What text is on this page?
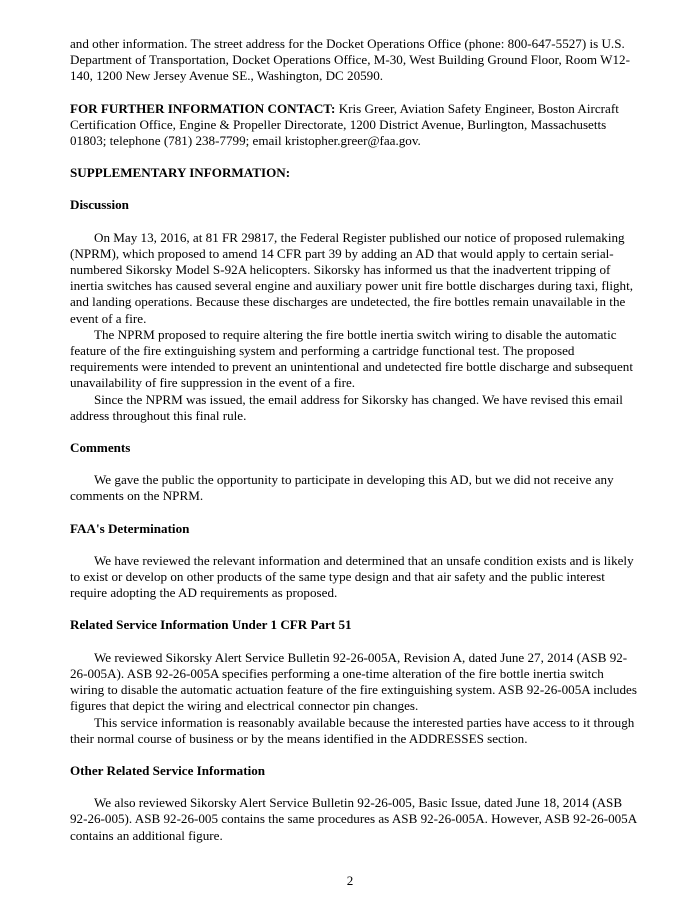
and other information. The street address for the Docket Operations Office (phone: 800-647-5527) is U.S. Department of Transportation, Docket Operations Office, M-30, West Building Ground Floor, Room W12-140, 1200 New Jersey Avenue SE., Washington, DC 20590.

FOR FURTHER INFORMATION CONTACT: Kris Greer, Aviation Safety Engineer, Boston Aircraft Certification Office, Engine & Propeller Directorate, 1200 District Avenue, Burlington, Massachusetts 01803; telephone (781) 238-7799; email kristopher.greer@faa.gov.

SUPPLEMENTARY INFORMATION:

Discussion

On May 13, 2016, at 81 FR 29817, the Federal Register published our notice of proposed rulemaking (NPRM), which proposed to amend 14 CFR part 39 by adding an AD that would apply to certain serial-numbered Sikorsky Model S-92A helicopters. Sikorsky has informed us that the inadvertent tripping of inertia switches has caused several engine and auxiliary power unit fire bottle discharges during taxi, flight, and landing operations. Because these discharges are undetected, the fire bottles remain unavailable in the event of a fire.

The NPRM proposed to require altering the fire bottle inertia switch wiring to disable the automatic feature of the fire extinguishing system and performing a cartridge functional test. The proposed requirements were intended to prevent an unintentional and undetected fire bottle discharge and subsequent unavailability of fire suppression in the event of a fire.

Since the NPRM was issued, the email address for Sikorsky has changed. We have revised this email address throughout this final rule.

Comments

We gave the public the opportunity to participate in developing this AD, but we did not receive any comments on the NPRM.

FAA's Determination

We have reviewed the relevant information and determined that an unsafe condition exists and is likely to exist or develop on other products of the same type design and that air safety and the public interest require adopting the AD requirements as proposed.

Related Service Information Under 1 CFR Part 51

We reviewed Sikorsky Alert Service Bulletin 92-26-005A, Revision A, dated June 27, 2014 (ASB 92-26-005A). ASB 92-26-005A specifies performing a one-time alteration of the fire bottle inertia switch wiring to disable the automatic actuation feature of the fire extinguishing system. ASB 92-26-005A includes figures that depict the wiring and electrical connector pin changes.

This service information is reasonably available because the interested parties have access to it through their normal course of business or by the means identified in the ADDRESSES section.

Other Related Service Information

We also reviewed Sikorsky Alert Service Bulletin 92-26-005, Basic Issue, dated June 18, 2014 (ASB 92-26-005). ASB 92-26-005 contains the same procedures as ASB 92-26-005A. However, ASB 92-26-005A contains an additional figure.

2
